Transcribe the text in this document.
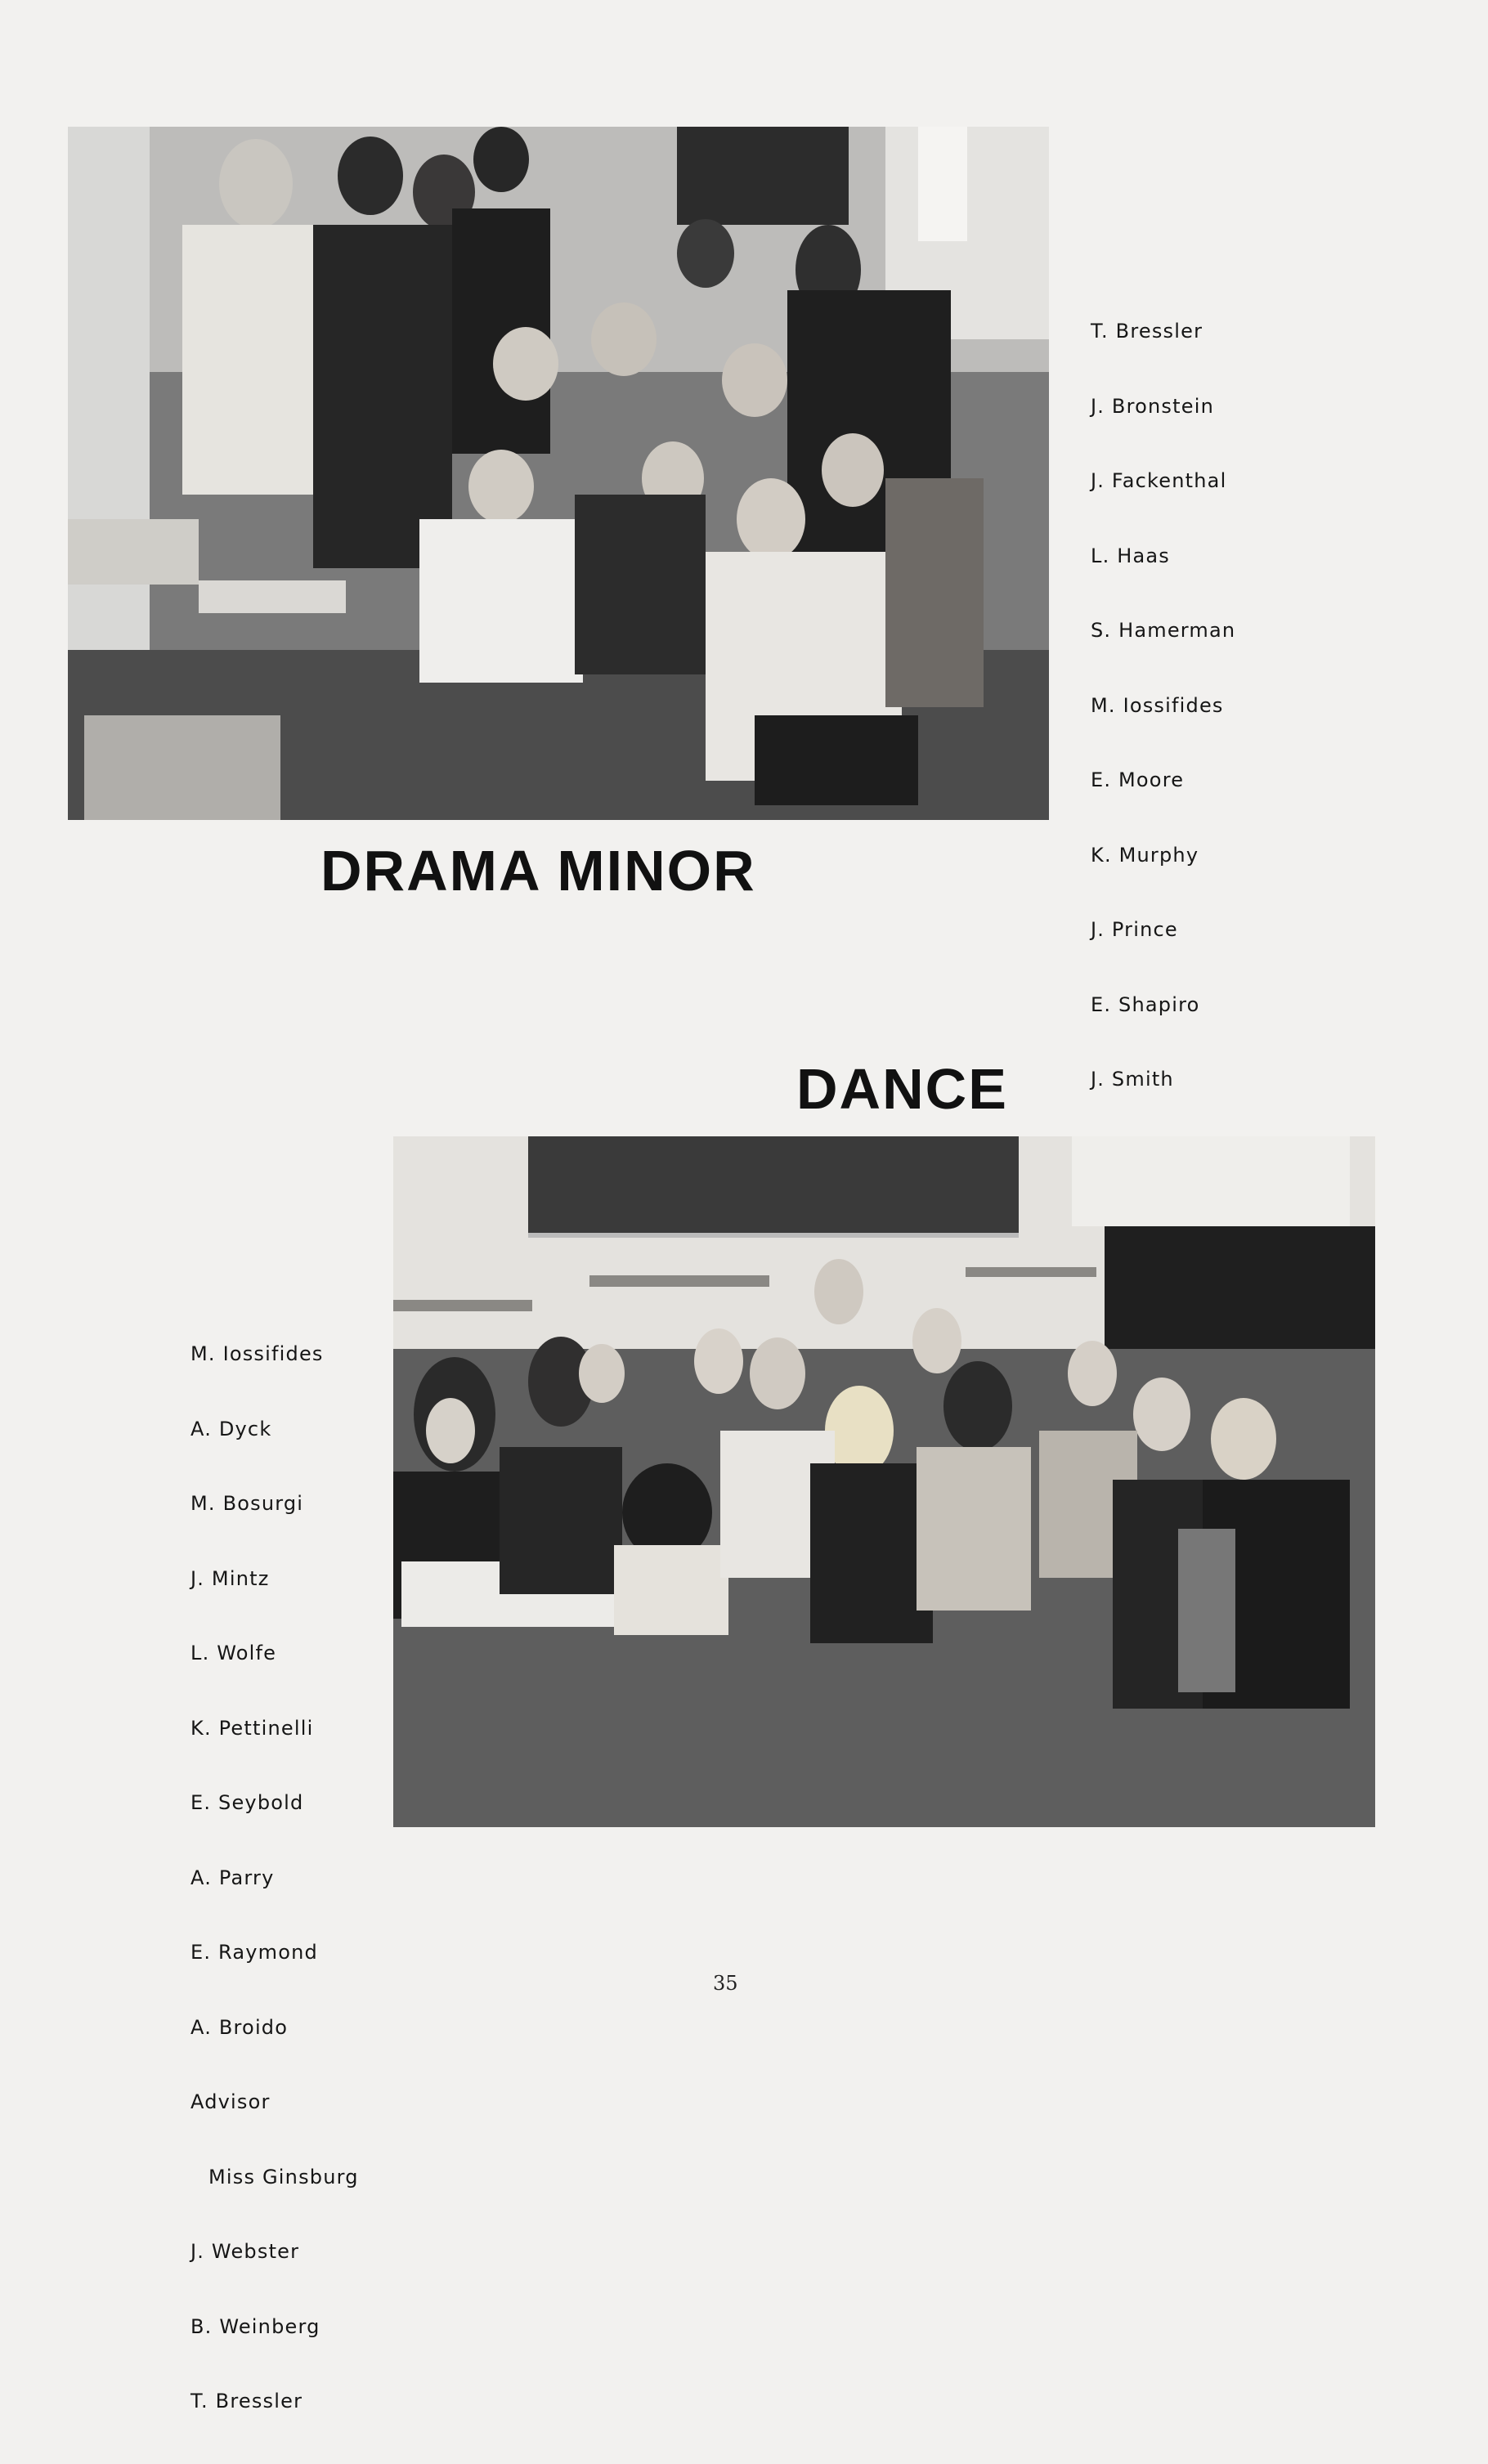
T. Bressler

J. Bronstein

J. Fackenthal

L. Haas

S. Hamerman

M. Iossifides

E. Moore

K. Murphy

J. Prince

E. Shapiro

J. Smith

DRAMA MINOR
DANCE

M. Iossifides

A. Dyck

M. Bosurgi

J. Mintz

L. Wolfe

K. Pettinelli

E. Seybold

A. Parry

E. Raymond

A. Broido

Advisor

Miss Ginsburg

J. Webster

B. Weinberg

T. Bressler

35
